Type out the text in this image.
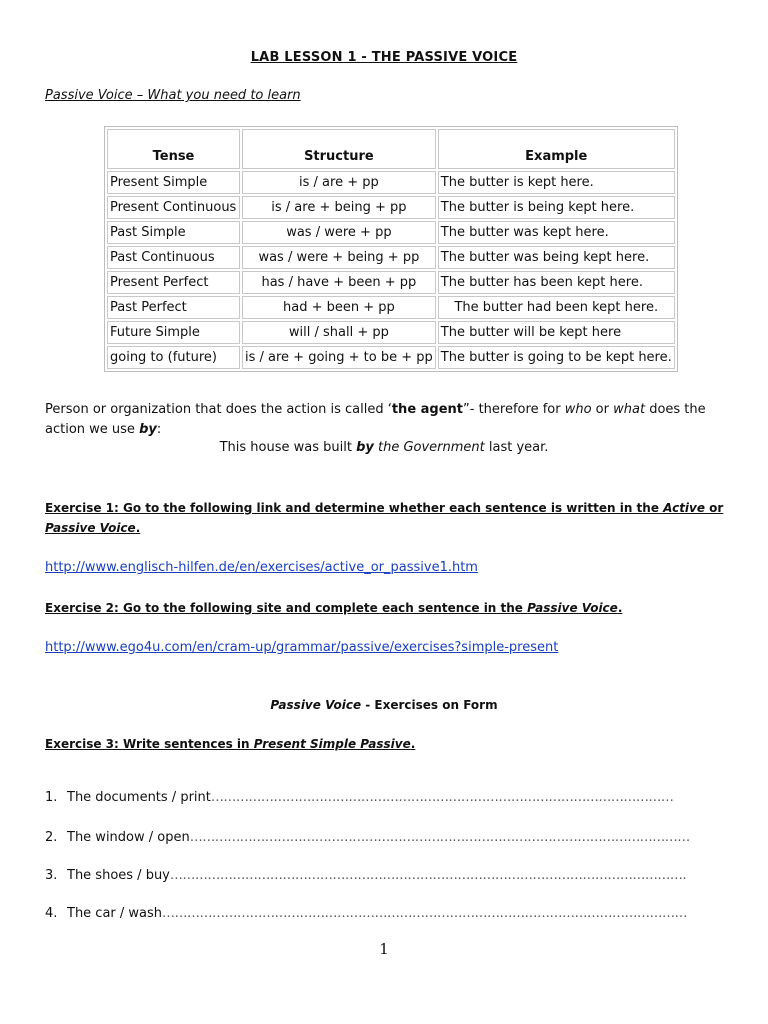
LAB LESSON 1 - THE PASSIVE VOICE
Passive Voice – What you need to learn
Tense	Structure	Example
Present Simple	is / are + pp	The butter is kept here.
Present Continuous	is / are + being + pp	The butter is being kept here.
Past Simple	was / were + pp	The butter was kept here.
Past Continuous	was / were + being + pp	The butter was being kept here.
Present Perfect	has / have + been + pp	The butter has been kept here.
Past Perfect	had + been + pp	The butter had been kept here.
Future Simple	will / shall + pp	The butter will be kept here
going to (future)	is / are + going + to be + pp	The butter is going to be kept here.
Person or organization that does the action is called ‘the agent”- therefore for who or what does the action we use by:
This house was built by the Government last year.
Exercise 1: Go to the following link and determine whether each sentence is written in the Active or Passive Voice.
http://www.englisch-hilfen.de/en/exercises/active_or_passive1.htm
Exercise 2: Go to the following site and complete each sentence in the Passive Voice.
http://www.ego4u.com/en/cram-up/grammar/passive/exercises?simple-present
Passive Voice - Exercises on Form
Exercise 3: Write sentences in Present Simple Passive.
1. The documents / print…………………………………………………………………………………………………
2. The window / open…………………………………………………………………………………………………………
3. The shoes / buy…………………………………………………………………………………………………………….
4. The car / wash………………………………………………………………………………………………………………
1
